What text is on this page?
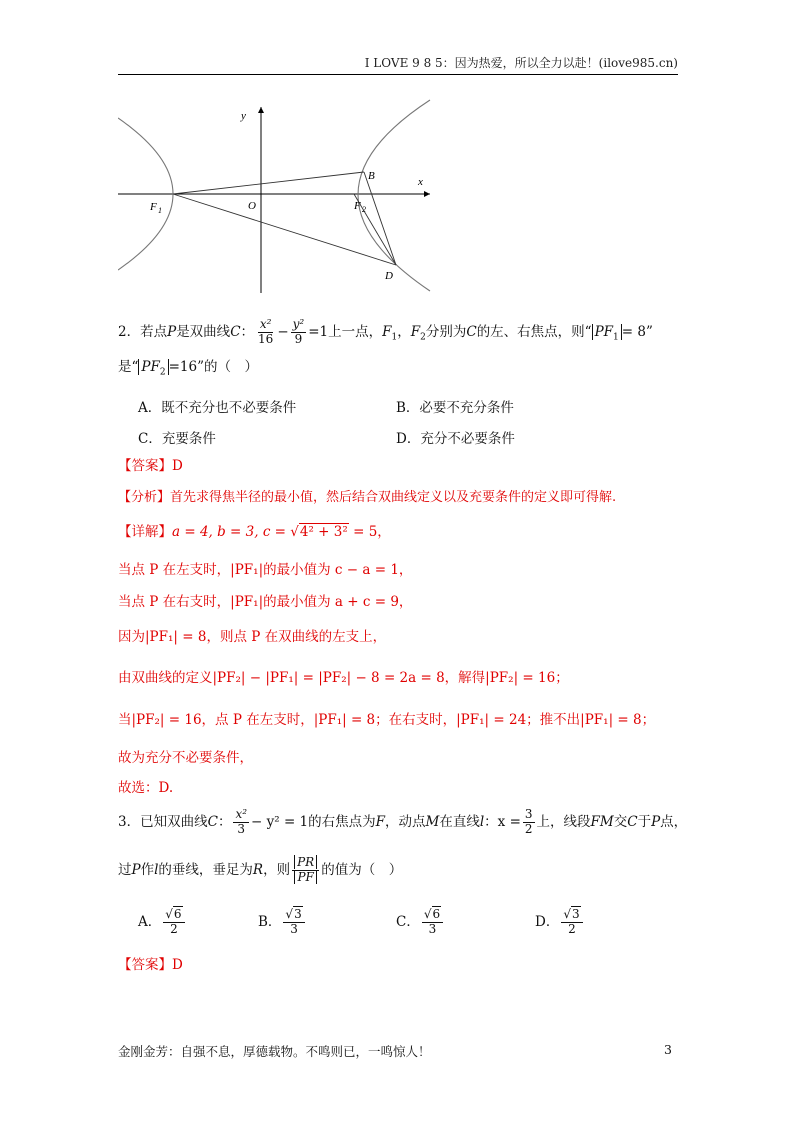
I LOVE 9 8 5：因为热爱，所以全力以赴！(ilove985.cn)
y
x
O
F 1	F 2
B
D
2．若点P是双曲线C： $\frac{\text{x²}}{16} - \frac{\text{y²}}{9} =1$上一点，$F_1$，$F_2$分别为C的左、右焦点，则“ $PF_1 = 8$”
是“ $PF_2 =16$”的（　）
A．既不充分也不必要条件	B．必要不充分条件
C．充要条件	D．充分不必要条件
【答案】D
【分析】首先求得焦半径的最小值，然后结合双曲线定义以及充要条件的定义即可得解.
【详解】a = 4, b = 3, c = √4² + 3² = 5，
当点 P 在左支时，|PF₁|的最小值为 c − a = 1，
当点 P 在右支时，|PF₁|的最小值为 a + c = 9，
因为|PF₁| = 8，则点 P 在双曲线的左支上，
由双曲线的定义|PF₂| − |PF₁| = |PF₂| − 8 = 2a = 8，解得|PF₂| = 16；
当|PF₂| = 16，点 P 在左支时，|PF₁| = 8；在右支时，|PF₁| = 24；推不出|PF₁| = 8；
故为充分不必要条件，
故选：D.
3．已知双曲线C： $\frac{\text{x²}}{3} - y^2 = 1$的右焦点为F，动点M在直线l：$x = \frac{3}{2}$ 上，线段FM交C于P点，
过P作l的垂线，垂足为R，则 $\frac{PR}{PF}$ 的值为（　）
A． $\frac{√6}{2}$	B． $\frac{√3}{3}$	C． $\frac{√6}{3}$	D． $\frac{√3}{2}$
【答案】D
金刚金芳：自强不息，厚德载物。不鸣则已，一鸣惊人！	3
